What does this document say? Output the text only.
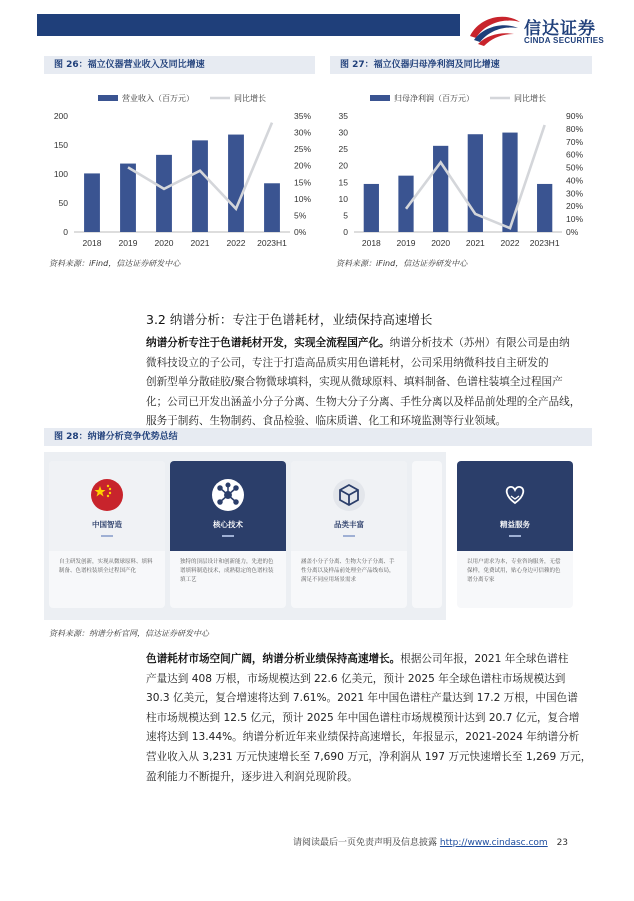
信达证券
CINDA SECURITIES
图 26：福立仪器营业收入及同比增速
0
50
100
150
200
0%
5%
10%
15%
20%
25%
30%
35%
2018 2019 2020 2021 2022 2023H1
营业收入（百万元）	同比增长
资料来源：iFind，信达证券研发中心
图 27：福立仪器归母净利润及同比增速
0
5
10
15
20
25
30
35
0%
10%
20%
30%
40%
50%
60%
70%
80%
90%
2018 2019 2020 2021 2022 2023H1
归母净利润（百万元）	同比增长
资料来源：iFind，信达证券研发中心
3.2 纳谱分析：专注于色谱耗材，业绩保持高速增长
纳谱分析专注于色谱耗材开发，实现全流程国产化。纳谱分析技术（苏州）有限公司是由纳
微科技设立的子公司，专注于打造高品质实用色谱耗材，公司采用纳微科技自主研发的
创新型单分散硅胶/聚合物微球填料，实现从微球原料、填料制备、色谱柱装填全过程国产
化；公司已开发出涵盖小分子分离、生物大分子分离、手性分离以及样品前处理的全产品线，
服务于制药、生物制药、食品检验、临床质谱、化工和环境监测等行业领域。
图 28：纳谱分析竞争优势总结
中国智造
自主研发创新，实现从微球原料、填料制备、色谱柱装填全过程国产化
核心技术
独特的顶层设计和创新能力，先进的色谱填料制造技术，成熟稳定的色谱柱装填工艺
品类丰富
涵盖小分子分离、生物大分子分离、手性分离以及样品前处理全产品线布局，满足不同应用场景需求
精益服务
以用户需求为本，专业咨询服务，无偿保样，免费试用，贴心身边可信赖的色谱分离专家
资料来源：纳谱分析官网，信达证券研发中心
色谱耗材市场空间广阔，纳谱分析业绩保持高速增长。根据公司年报，2021 年全球色谱柱
产量达到 408 万根，市场规模达到 22.6 亿美元，预计 2025 年全球色谱柱市场规模达到
30.3 亿美元，复合增速将达到 7.61%。2021 年中国色谱柱产量达到 17.2 万根，中国色谱
柱市场规模达到 12.5 亿元，预计 2025 年中国色谱柱市场规模预计达到 20.7 亿元，复合增
速将达到 13.44%。纳谱分析近年来业绩保持高速增长，年报显示，2021-2024 年纳谱分析
营业收入从 3,231 万元快速增长至 7,690 万元，净利润从 197 万元快速增长至 1,269 万元，
盈利能力不断提升，逐步进入利润兑现阶段。
请阅读最后一页免责声明及信息披露 http://www.cindasc.com 23
